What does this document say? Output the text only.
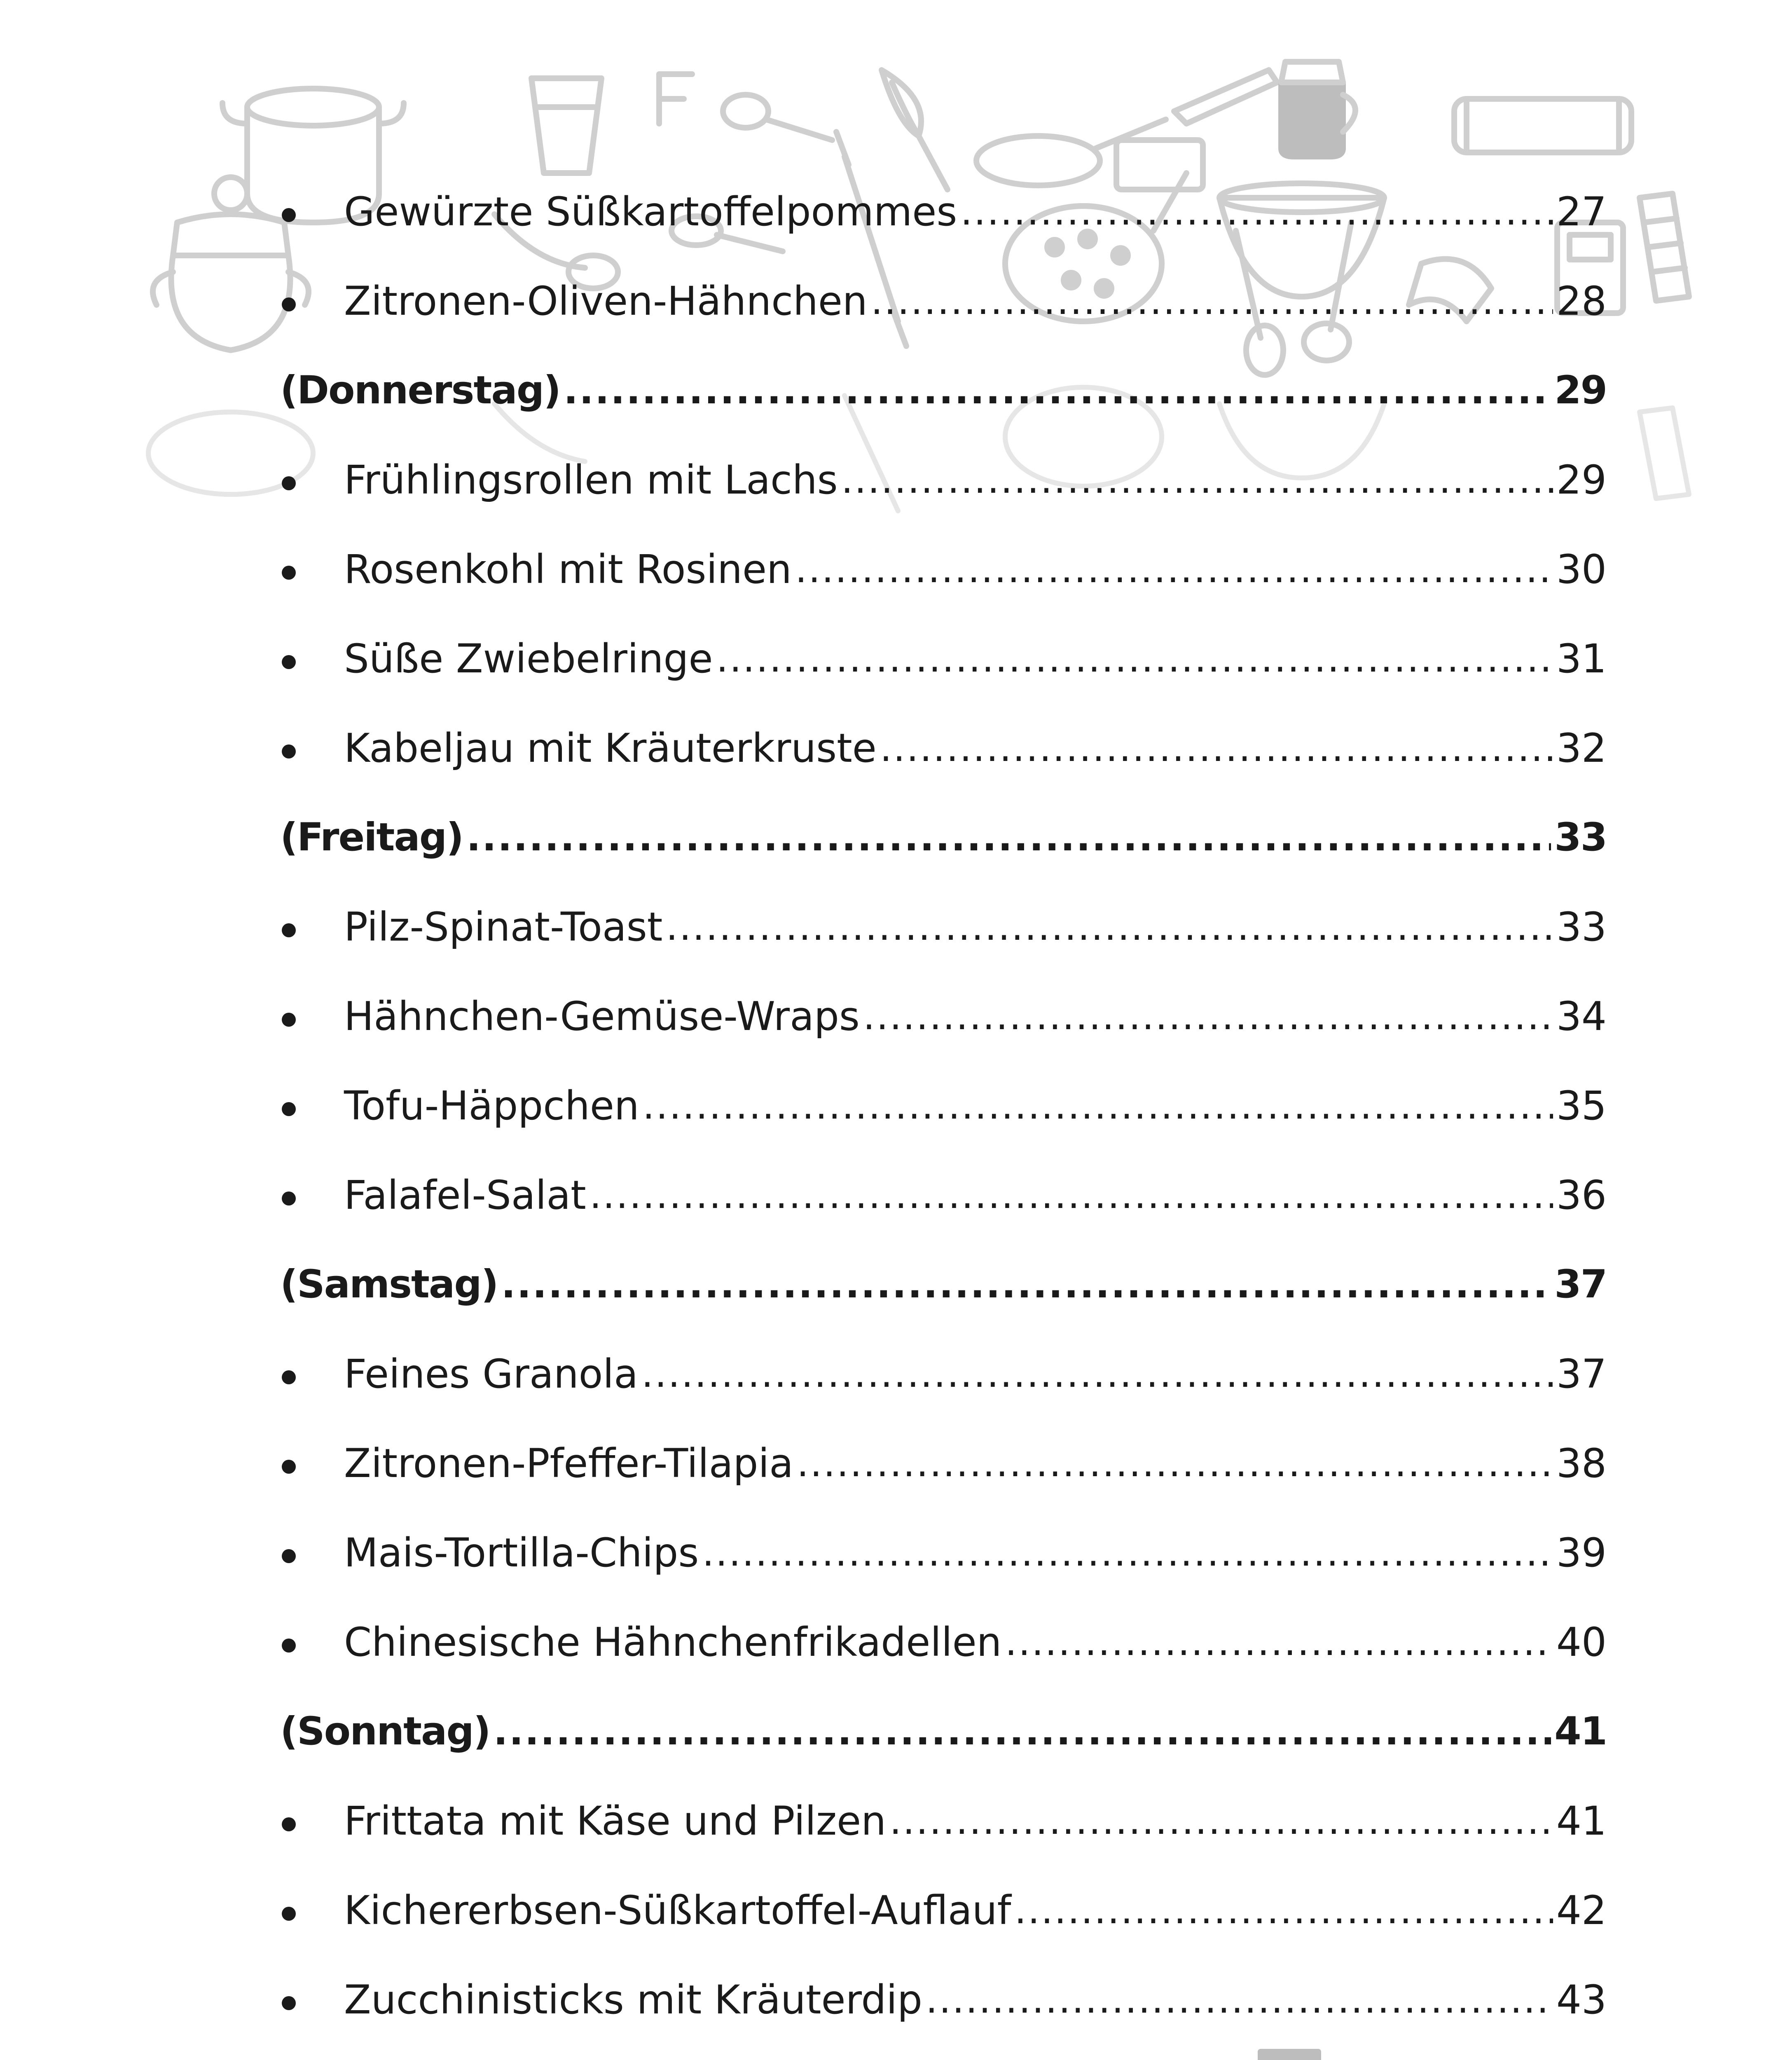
Gewürzte Süßkartoffelpommes .....	27
Zitronen-Oliven-Hähnchen .....	28
(Donnerstag) .....	29
Frühlingsrollen mit Lachs .....	29
Rosenkohl mit Rosinen .....	30
Süße Zwiebelringe .....	31
Kabeljau mit Kräuterkruste .....	32
(Freitag) .....	33
Pilz-Spinat-Toast .....	33
Hähnchen-Gemüse-Wraps .....	34
Tofu-Häppchen .....	35
Falafel-Salat .....	36
(Samstag) .....	37
Feines Granola .....	37
Zitronen-Pfeffer-Tilapia .....	38
Mais-Tortilla-Chips .....	39
Chinesische Hähnchenfrikadellen .....	40
(Sonntag) .....	41
Frittata mit Käse und Pilzen .....	41
Kichererbsen-Süßkartoffel-Auflauf .....	42
Zucchinisticks mit Kräuterdip .....	43
